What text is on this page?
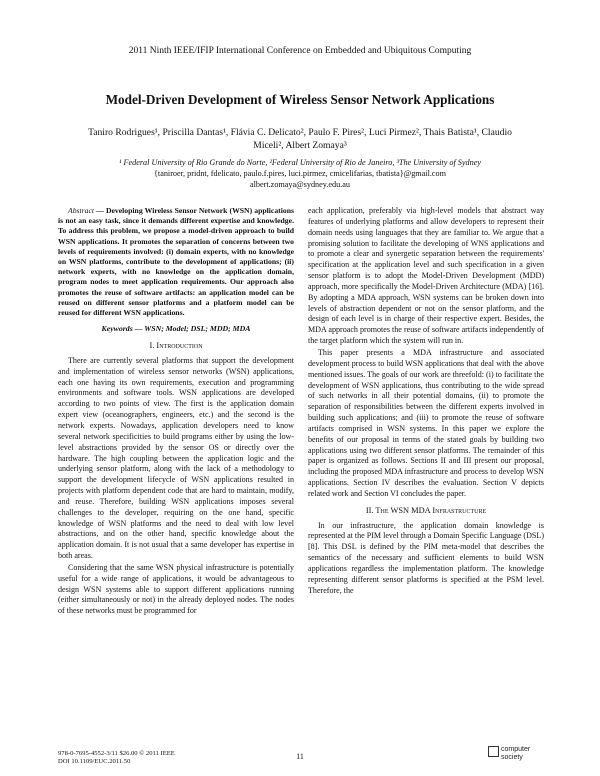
2011 Ninth IEEE/IFIP International Conference on Embedded and Ubiquitous Computing
Model-Driven Development of Wireless Sensor Network Applications
Taniro Rodrigues¹, Priscilla Dantas¹, Flávia C. Delicato², Paulo F. Pires², Luci Pirmez², Thais Batista¹, Claudio
Miceli², Albert Zomaya³
¹ Federal University of Rio Grande do Norte, ²Federal University of Rio de Janeiro, ³The University of Sydney
{taniroer, pridnt, fdelicato, paulo.f.pires, luci.pirmez, cmicelifarias, tbatista}@gmail.com
albert.zomaya@sydney.edu.au

Abstract — Developing Wireless Sensor Network (WSN) applications is not an easy task, since it demands different expertise and knowledge. To address this problem, we propose a model-driven approach to build WSN applications. It promotes the separation of concerns between two levels of requirements involved: (i) domain experts, with no knowledge on WSN platforms, contribute to the development of applications; (ii) network experts, with no knowledge on the application domain, program nodes to meet application requirements. Our approach also promotes the reuse of software artifacts: an application model can be reused on different sensor platforms and a platform model can be reused for different WSN applications.

Keywords — WSN; Model; DSL; MDD; MDA

I. Introduction

There are currently several platforms that support the development and implementation of wireless sensor networks (WSN) applications, each one having its own requirements, execution and programming environments and software tools. WSN applications are developed according to two points of view. The first is the application domain expert view (oceanographers, engineers, etc.) and the second is the network experts. Nowadays, application developers need to know several network specificities to build programs either by using the low-level abstractions provided by the sensor OS or directly over the hardware. The high coupling between the application logic and the underlying sensor platform, along with the lack of a methodology to support the development lifecycle of WSN applications resulted in projects with platform dependent code that are hard to maintain, modify, and reuse. Therefore, building WSN applications imposes several challenges to the developer, requiring on the one hand, specific knowledge of WSN platforms and the need to deal with low level abstractions, and on the other hand, specific knowledge about the application domain. It is not usual that a same developer has expertise in both areas.

Considering that the same WSN physical infrastructure is potentially useful for a wide range of applications, it would be advantageous to design WSN systems able to support different applications running (either simultaneously or not) in the already deployed nodes. The nodes of these networks must be programmed for

each application, preferably via high-level models that abstract way features of underlying platforms and allow developers to represent their domain needs using languages that they are familiar to. We argue that a promising solution to facilitate the developing of WNS applications and to promote a clear and synergetic separation between the requirements' specification at the application level and such specification in a given sensor platform is to adopt the Model-Driven Development (MDD) approach, more specifically the Model-Driven Architecture (MDA) [16]. By adopting a MDA approach, WSN systems can be broken down into levels of abstraction dependent or not on the sensor platform, and the design of each level is in charge of their respective expert. Besides, the MDA approach promotes the reuse of software artifacts independently of the target platform which the system will run in.

This paper presents a MDA infrastructure and associated development process to build WSN applications that deal with the above mentioned issues. The goals of our work are threefold: (i) to facilitate the development of WSN applications, thus contributing to the wide spread of such networks in all their potential domains, (ii) to promote the separation of responsibilities between the different experts involved in building such applications; and (iii) to promote the reuse of software artifacts comprised in WSN systems. In this paper we explore the benefits of our proposal in terms of the stated goals by building two applications using two different sensor platforms. The remainder of this paper is organized as follows. Sections II and III present our proposal, including the proposed MDA infrastructure and process to develop WSN applications. Section IV describes the evaluation. Section V depicts related work and Section VI concludes the paper.

II. The WSN MDA Infrastructure

In our infrastructure, the application domain knowledge is represented at the PIM level through a Domain Specific Language (DSL) [8]. This DSL is defined by the PIM meta-model that describes the semantics of the necessary and sufficient elements to build WSN applications regardless the implementation platform. The knowledge representing different sensor platforms is specified at the PSM level. Therefore, the

978-0-7695-4552-3/11 $26.00 © 2011 IEEE
DOI 10.1109/EUC.2011.50
11
computer
society
